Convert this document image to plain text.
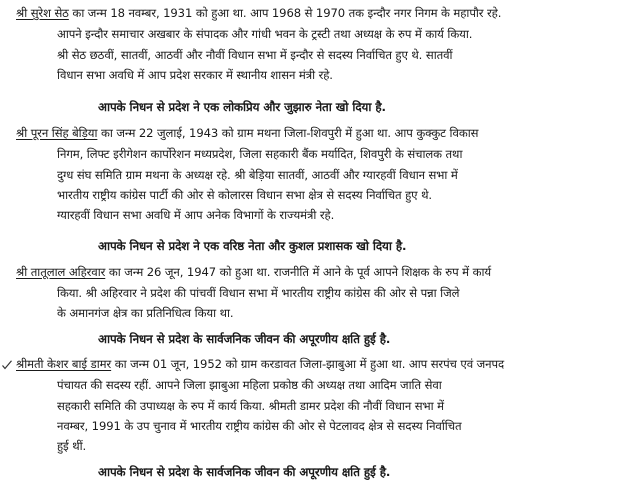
श्री सुरेश सेठ का जन्म 18 नवम्बर, 1931 को हुआ था. आप 1968 से 1970 तक इन्दौर नगर निगम के महापौर रहे.
आपने इन्दौर समाचार अखबार के संपादक और गांधी भवन के ट्रस्टी तथा अध्यक्ष के रुप में कार्य किया.
श्री सेठ छठवीं, सातवीं, आठवीं और नौवीं विधान सभा में इन्दौर से सदस्य निर्वाचित हुए थे. सातवीं
विधान सभा अवधि में आप प्रदेश सरकार में स्थानीय शासन मंत्री रहे.
आपके निधन से प्रदेश ने एक लोकप्रिय और जुझारु नेता खो दिया है.
श्री पूरन सिंह बेड़िया का जन्म 22 जुलाई, 1943 को ग्राम मथना जिला-शिवपुरी में हुआ था. आप कुक्कुट विकास
निगम, लिफ्ट इरीगेशन कार्पोरेशन मध्यप्रदेश, जिला सहकारी बैंक मर्यादित, शिवपुरी के संचालक तथा
दुग्ध संघ समिति ग्राम मथना के अध्यक्ष रहे. श्री बेड़िया सातवीं, आठवीं और ग्यारहवीं विधान सभा में
भारतीय राष्ट्रीय कांग्रेस पार्टी की ओर से कोलारस विधान सभा क्षेत्र से सदस्य निर्वाचित हुए थे.
ग्यारहवीं विधान सभा अवधि में आप अनेक विभागों के राज्यमंत्री रहे.
आपके निधन से प्रदेश ने एक वरिष्ठ नेता और कुशल प्रशासक खो दिया है.
श्री तातूलाल अहिरवार का जन्म 26 जून, 1947 को हुआ था. राजनीति में आने के पूर्व आपने शिक्षक के रुप में कार्य
किया. श्री अहिरवार ने प्रदेश की पांचवीं विधान सभा में भारतीय राष्ट्रीय कांग्रेस की ओर से पन्ना जिले
के अमानगंज क्षेत्र का प्रतिनिधित्व किया था.
आपके निधन से प्रदेश के सार्वजनिक जीवन की अपूरणीय क्षति हुई है.
श्रीमती केशर बाई डामर का जन्म 01 जून, 1952 को ग्राम करडावत जिला-झाबुआ में हुआ था. आप सरपंच एवं जनपद
पंचायत की सदस्य रहीं. आपने जिला झाबुआ महिला प्रकोष्ठ की अध्यक्ष तथा आदिम जाति सेवा
सहकारी समिति की उपाध्यक्ष के रुप में कार्य किया. श्रीमती डामर प्रदेश की नौवीं विधान सभा में
नवम्बर, 1991 के उप चुनाव में भारतीय राष्ट्रीय कांग्रेस की ओर से पेटलावद क्षेत्र से सदस्य निर्वाचित
हुई थीं.
आपके निधन से प्रदेश के सार्वजनिक जीवन की अपूरणीय क्षति हुई है.
